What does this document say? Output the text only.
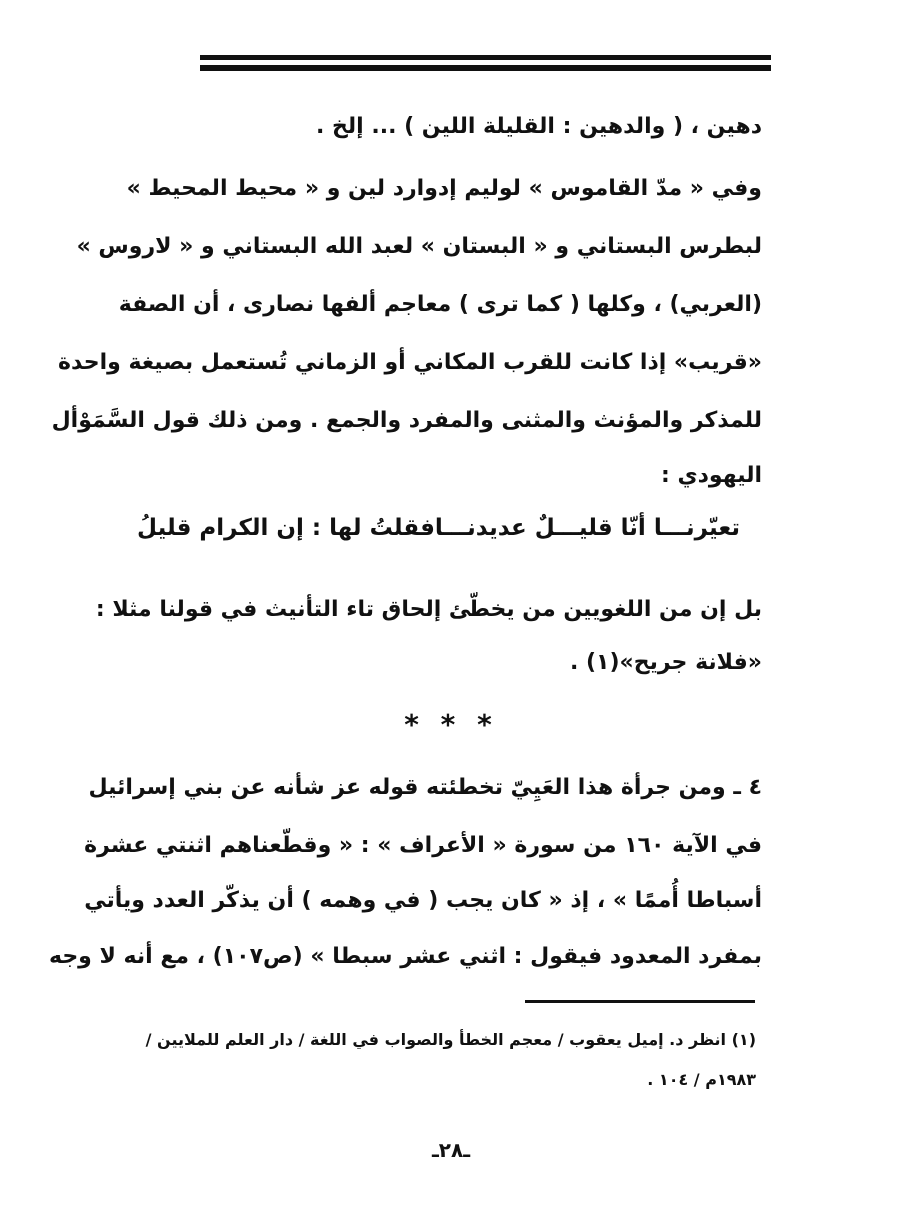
دهين ، ( والدهين : القليلة اللين ) ... إلخ .
وفي « مدّ القاموس » لوليم إدوارد لين و « محيط المحيط »
لبطرس البستاني و « البستان » لعبد الله البستاني و « لاروس »
(العربي) ، وكلها ( كما ترى ) معاجم ألفها نصارى ، أن الصفة
«قريب» إذا كانت للقرب المكاني أو الزماني تُستعمل بصيغة واحدة
للمذكر والمؤنث والمثنى والمفرد والجمع . ومن ذلك قول السَّمَوْأل
اليهودي :
تعيّرنـــا أنّا قليـــلٌ عديدنـــا
فقلتُ لها : إن الكرام قليلُ
بل إن من اللغويين من يخطّئ إلحاق تاء التأنيث في قولنا مثلا :
«فلانة جريح»(١) .
* * *
٤ ـ ومن جرأة هذا العَيِيّ تخطئته قوله عز شأنه عن بني إسرائيل
في الآية ١٦٠ من سورة « الأعراف » : « وقطّعناهم اثنتي عشرة
أسباطا أُممًا » ، إذ « كان يجب ( في وهمه ) أن يذكّر العدد ويأتي
بمفرد المعدود فيقول : اثني عشر سبطا » (ص١٠٧) ، مع أنه لا وجه
(١) انظر د. إميل يعقوب / معجم الخطأ والصواب في اللغة / دار العلم للملايين /
١٩٨٣م / ١٠٤ .
ـ٢٨ـ
